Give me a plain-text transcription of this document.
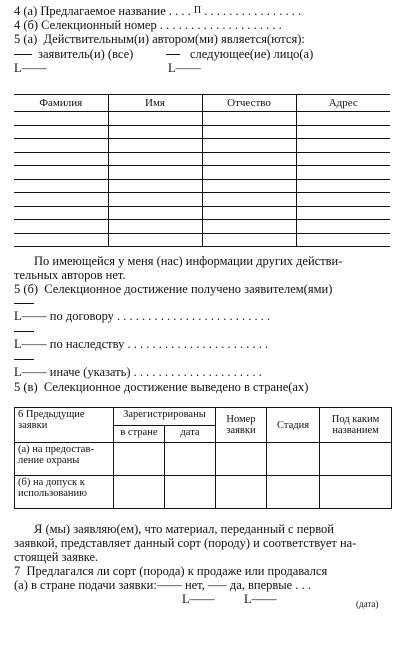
4 (а) Предлагаемое название . . . . $^П$ . . . . . . . . . . . . . . . .
4 (б) Селекционный номер . . . . . . . . . . . . . . . . . . . .
5 (а)  Действительным(и) автором(ми) является(ются):
заявитель(и) (все)	следующее(ие) лицо(а)
L——	L——
Фамилия	Имя	Отчество	Адрес

По имеющейся у меня (нас) информации других действи-
тельных авторов нет.
5 (б)  Селекционное достижение получено заявителем(ями)
L—— по договору . . . . . . . . . . . . . . . . . . . . . . . . .
L—— по наследству . . . . . . . . . . . . . . . . . . . . . . .
L—— иначе (указать) . . . . . . . . . . . . . . . . . . . . .
5 (в)  Селекционное достижение выведено в стране(ах)
6 Предыдущие заявки	Зарегистрированы		Номер заявки	Стадия	Под каким названием
	в стране	дата			
(а) на предостав-ление охраны					
(б) на допуск к использованию					
Я (мы) заявляю(ем), что материал, переданный с первой
заявкой, представляет данный сорт (породу) и соответствует на-
стоящей заявке.
7  Предлагался ли сорт (порода) к продаже или продавался
(а) в стране подачи заявки:—— нет, —– да, впервые . . .
L—— L——	(дата)
